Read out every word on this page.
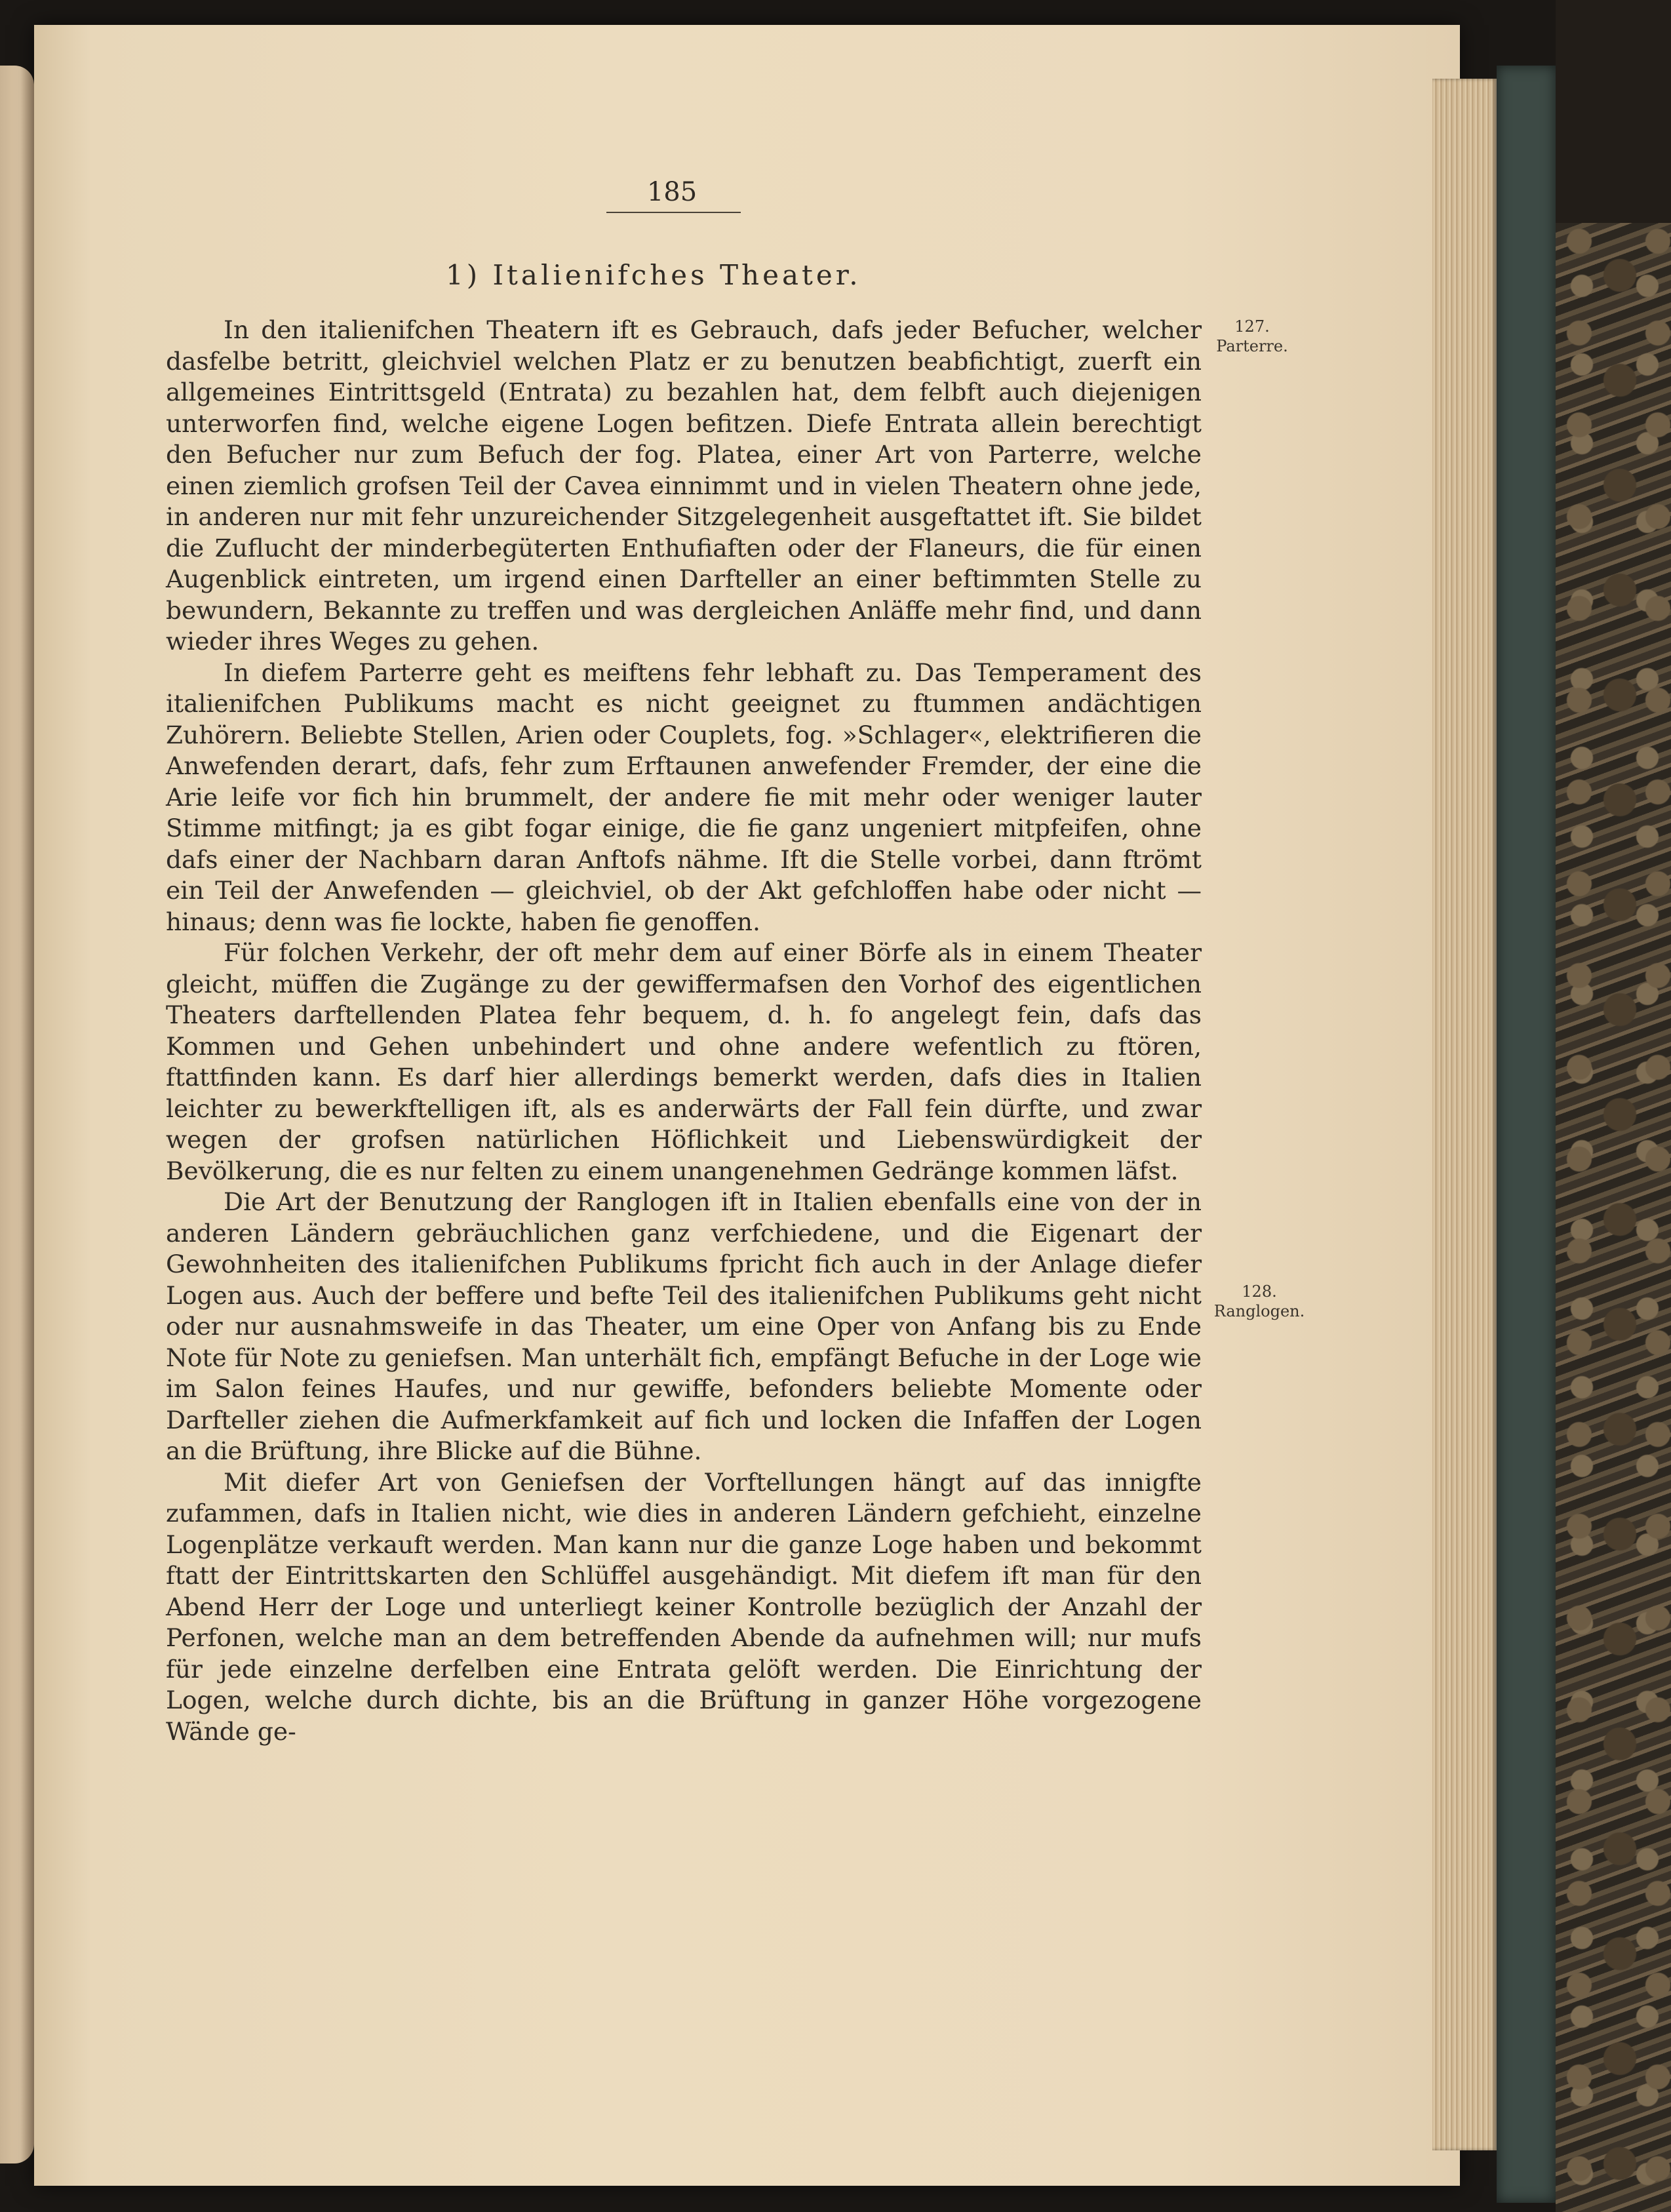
185
1) Italienifches Theater.
127.
Parterre.
128.
Ranglogen.

In den italienifchen Theatern ift es Gebrauch, dafs jeder Befucher, welcher dasfelbe betritt, gleichviel welchen Platz er zu benutzen beabfichtigt, zuerft ein allgemeines Eintrittsgeld (Entrata) zu bezahlen hat, dem felbft auch diejenigen unterworfen find, welche eigene Logen befitzen. Diefe Entrata allein berechtigt den Befucher nur zum Befuch der fog. Platea, einer Art von Parterre, welche einen ziemlich grofsen Teil der Cavea einnimmt und in vielen Theatern ohne jede, in anderen nur mit fehr unzureichender Sitzgelegenheit ausgeftattet ift. Sie bildet die Zuflucht der minderbegüterten Enthufiaften oder der Flaneurs, die für einen Augenblick eintreten, um irgend einen Darfteller an einer beftimmten Stelle zu bewundern, Bekannte zu treffen und was dergleichen Anläffe mehr find, und dann wieder ihres Weges zu gehen.

In diefem Parterre geht es meiftens fehr lebhaft zu. Das Temperament des italienifchen Publikums macht es nicht geeignet zu ftummen andächtigen Zuhörern. Beliebte Stellen, Arien oder Couplets, fog. »Schlager«, elektrifieren die Anwefenden derart, dafs, fehr zum Erftaunen anwefender Fremder, der eine die Arie leife vor fich hin brummelt, der andere fie mit mehr oder weniger lauter Stimme mitfingt; ja es gibt fogar einige, die fie ganz ungeniert mitpfeifen, ohne dafs einer der Nachbarn daran Anftofs nähme. Ift die Stelle vorbei, dann ftrömt ein Teil der Anwefenden — gleichviel, ob der Akt gefchloffen habe oder nicht — hinaus; denn was fie lockte, haben fie genoffen.

Für folchen Verkehr, der oft mehr dem auf einer Börfe als in einem Theater gleicht, müffen die Zugänge zu der gewiffermafsen den Vorhof des eigentlichen Theaters darftellenden Platea fehr bequem, d. h. fo angelegt fein, dafs das Kommen und Gehen unbehindert und ohne andere wefentlich zu ftören, ftattfinden kann. Es darf hier allerdings bemerkt werden, dafs dies in Italien leichter zu bewerkftelligen ift, als es anderwärts der Fall fein dürfte, und zwar wegen der grofsen natürlichen Höflichkeit und Liebenswürdigkeit der Bevölkerung, die es nur felten zu einem unangenehmen Gedränge kommen läfst.

Die Art der Benutzung der Ranglogen ift in Italien ebenfalls eine von der in anderen Ländern gebräuchlichen ganz verfchiedene, und die Eigenart der Gewohnheiten des italienifchen Publikums fpricht fich auch in der Anlage diefer Logen aus. Auch der beffere und befte Teil des italienifchen Publikums geht nicht oder nur ausnahmsweife in das Theater, um eine Oper von Anfang bis zu Ende Note für Note zu geniefsen. Man unterhält fich, empfängt Befuche in der Loge wie im Salon feines Haufes, und nur gewiffe, befonders beliebte Momente oder Darfteller ziehen die Aufmerkfamkeit auf fich und locken die Infaffen der Logen an die Brüftung, ihre Blicke auf die Bühne.

Mit diefer Art von Geniefsen der Vorftellungen hängt auf das innigfte zufammen, dafs in Italien nicht, wie dies in anderen Ländern gefchieht, einzelne Logenplätze verkauft werden. Man kann nur die ganze Loge haben und bekommt ftatt der Eintrittskarten den Schlüffel ausgehändigt. Mit diefem ift man für den Abend Herr der Loge und unterliegt keiner Kontrolle bezüglich der Anzahl der Perfonen, welche man an dem betreffenden Abende da aufnehmen will; nur mufs für jede einzelne derfelben eine Entrata gelöft werden. Die Einrichtung der Logen, welche durch dichte, bis an die Brüftung in ganzer Höhe vorgezogene Wände ge-
